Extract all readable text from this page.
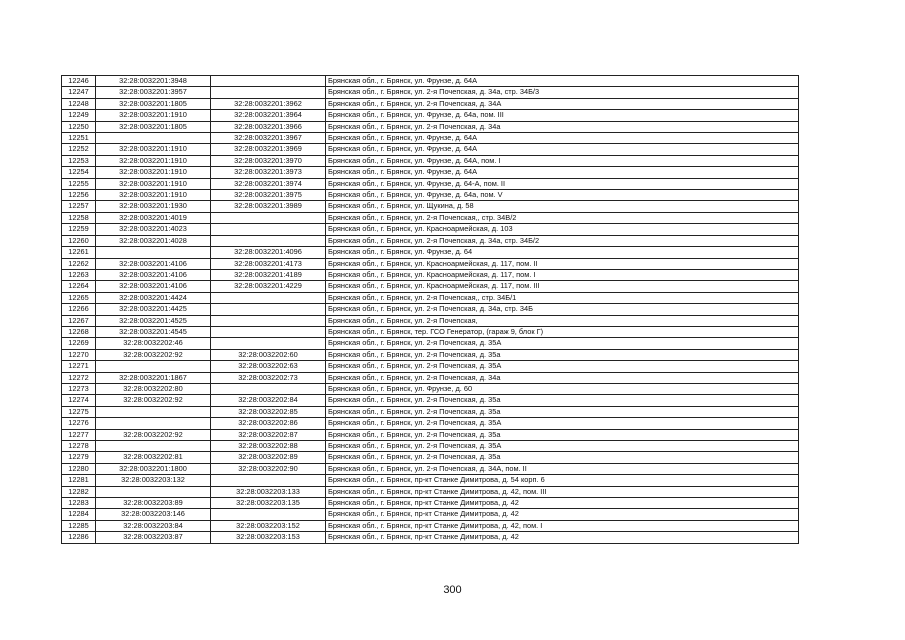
12246	32:28:0032201:3948		Брянская обл., г. Брянск, ул. Фрунзе, д. 64А
12247	32:28:0032201:3957		Брянская обл., г. Брянск, ул. 2-я Почепская, д. 34а, стр. 34Б/3
12248	32:28:0032201:1805	32:28:0032201:3962	Брянская обл., г. Брянск, ул. 2-я Почепская, д. 34А
12249	32:28:0032201:1910	32:28:0032201:3964	Брянская обл., г. Брянск, ул. Фрунзе, д. 64а, пом. III
12250	32:28:0032201:1805	32:28:0032201:3966	Брянская обл., г. Брянск, ул. 2-я Почепская, д. 34а
12251		32:28:0032201:3967	Брянская обл., г. Брянск, ул. Фрунзе, д. 64А
12252	32:28:0032201:1910	32:28:0032201:3969	Брянская обл., г. Брянск, ул. Фрунзе, д. 64А
12253	32:28:0032201:1910	32:28:0032201:3970	Брянская обл., г. Брянск, ул. Фрунзе, д. 64А, пом. I
12254	32:28:0032201:1910	32:28:0032201:3973	Брянская обл., г. Брянск, ул. Фрунзе, д. 64А
12255	32:28:0032201:1910	32:28:0032201:3974	Брянская обл., г. Брянск, ул. Фрунзе, д. 64-А, пом. II
12256	32:28:0032201:1910	32:28:0032201:3975	Брянская обл., г. Брянск, ул. Фрунзе, д. 64а, пом. V
12257	32:28:0032201:1930	32:28:0032201:3989	Брянская обл., г. Брянск, ул. Щукина, д. 58
12258	32:28:0032201:4019		Брянская обл., г. Брянск, ул. 2-я Почепская,, стр. 34В/2
12259	32:28:0032201:4023		Брянская обл., г. Брянск, ул. Красноармейская, д. 103
12260	32:28:0032201:4028		Брянская обл., г. Брянск, ул. 2-я Почепская, д. 34а, стр. 34Б/2
12261		32:28:0032201:4096	Брянская обл., г. Брянск, ул. Фрунзе, д. 64
12262	32:28:0032201:4106	32:28:0032201:4173	Брянская обл., г. Брянск, ул. Красноармейская, д. 117, пом. II
12263	32:28:0032201:4106	32:28:0032201:4189	Брянская обл., г. Брянск, ул. Красноармейская, д. 117, пом. I
12264	32:28:0032201:4106	32:28:0032201:4229	Брянская обл., г. Брянск, ул. Красноармейская, д. 117, пом. III
12265	32:28:0032201:4424		Брянская обл., г. Брянск, ул. 2-я Почепская,, стр. 34Б/1
12266	32:28:0032201:4425		Брянская обл., г. Брянск, ул. 2-я Почепская, д. 34а, стр. 34Б
12267	32:28:0032201:4525		Брянская обл., г. Брянск, ул. 2-я Почепская,
12268	32:28:0032201:4545		Брянская обл., г. Брянск, тер. ГСО Генератор, (гараж 9, блок Г)
12269	32:28:0032202:46		Брянская обл., г. Брянск, ул. 2-я Почепская, д. 35А
12270	32:28:0032202:92	32:28:0032202:60	Брянская обл., г. Брянск, ул. 2-я Почепская, д. 35а
12271		32:28:0032202:63	Брянская обл., г. Брянск, ул. 2-я Почепская, д. 35А
12272	32:28:0032201:1867	32:28:0032202:73	Брянская обл., г. Брянск, ул. 2-я Почепская, д. 34а
12273	32:28:0032202:80		Брянская обл., г. Брянск, ул. Фрунзе, д. 60
12274	32:28:0032202:92	32:28:0032202:84	Брянская обл., г. Брянск, ул. 2-я Почепская, д. 35а
12275		32:28:0032202:85	Брянская обл., г. Брянск, ул. 2-я Почепская, д. 35а
12276		32:28:0032202:86	Брянская обл., г. Брянск, ул. 2-я Почепская, д. 35А
12277	32:28:0032202:92	32:28:0032202:87	Брянская обл., г. Брянск, ул. 2-я Почепская, д. 35а
12278		32:28:0032202:88	Брянская обл., г. Брянск, ул. 2-я Почепская, д. 35А
12279	32:28:0032202:81	32:28:0032202:89	Брянская обл., г. Брянск, ул. 2-я Почепская, д. 35а
12280	32:28:0032201:1800	32:28:0032202:90	Брянская обл., г. Брянск, ул. 2-я Почепская, д. 34А, пом. II
12281	32:28:0032203:132		Брянская обл., г. Брянск, пр-кт Станке Димитрова, д. 54 корп. 6
12282		32:28:0032203:133	Брянская обл., г. Брянск, пр-кт Станке Димитрова, д. 42, пом. III
12283	32:28:0032203:89	32:28:0032203:135	Брянская обл., г. Брянск, пр-кт Станке Димитрова, д. 42
12284	32:28:0032203:146		Брянская обл., г. Брянск, пр-кт Станке Димитрова, д. 42
12285	32:28:0032203:84	32:28:0032203:152	Брянская обл., г. Брянск, пр-кт Станке Димитрова, д. 42, пом. I
12286	32:28:0032203:87	32:28:0032203:153	Брянская обл., г. Брянск, пр-кт Станке Димитрова, д. 42
300
